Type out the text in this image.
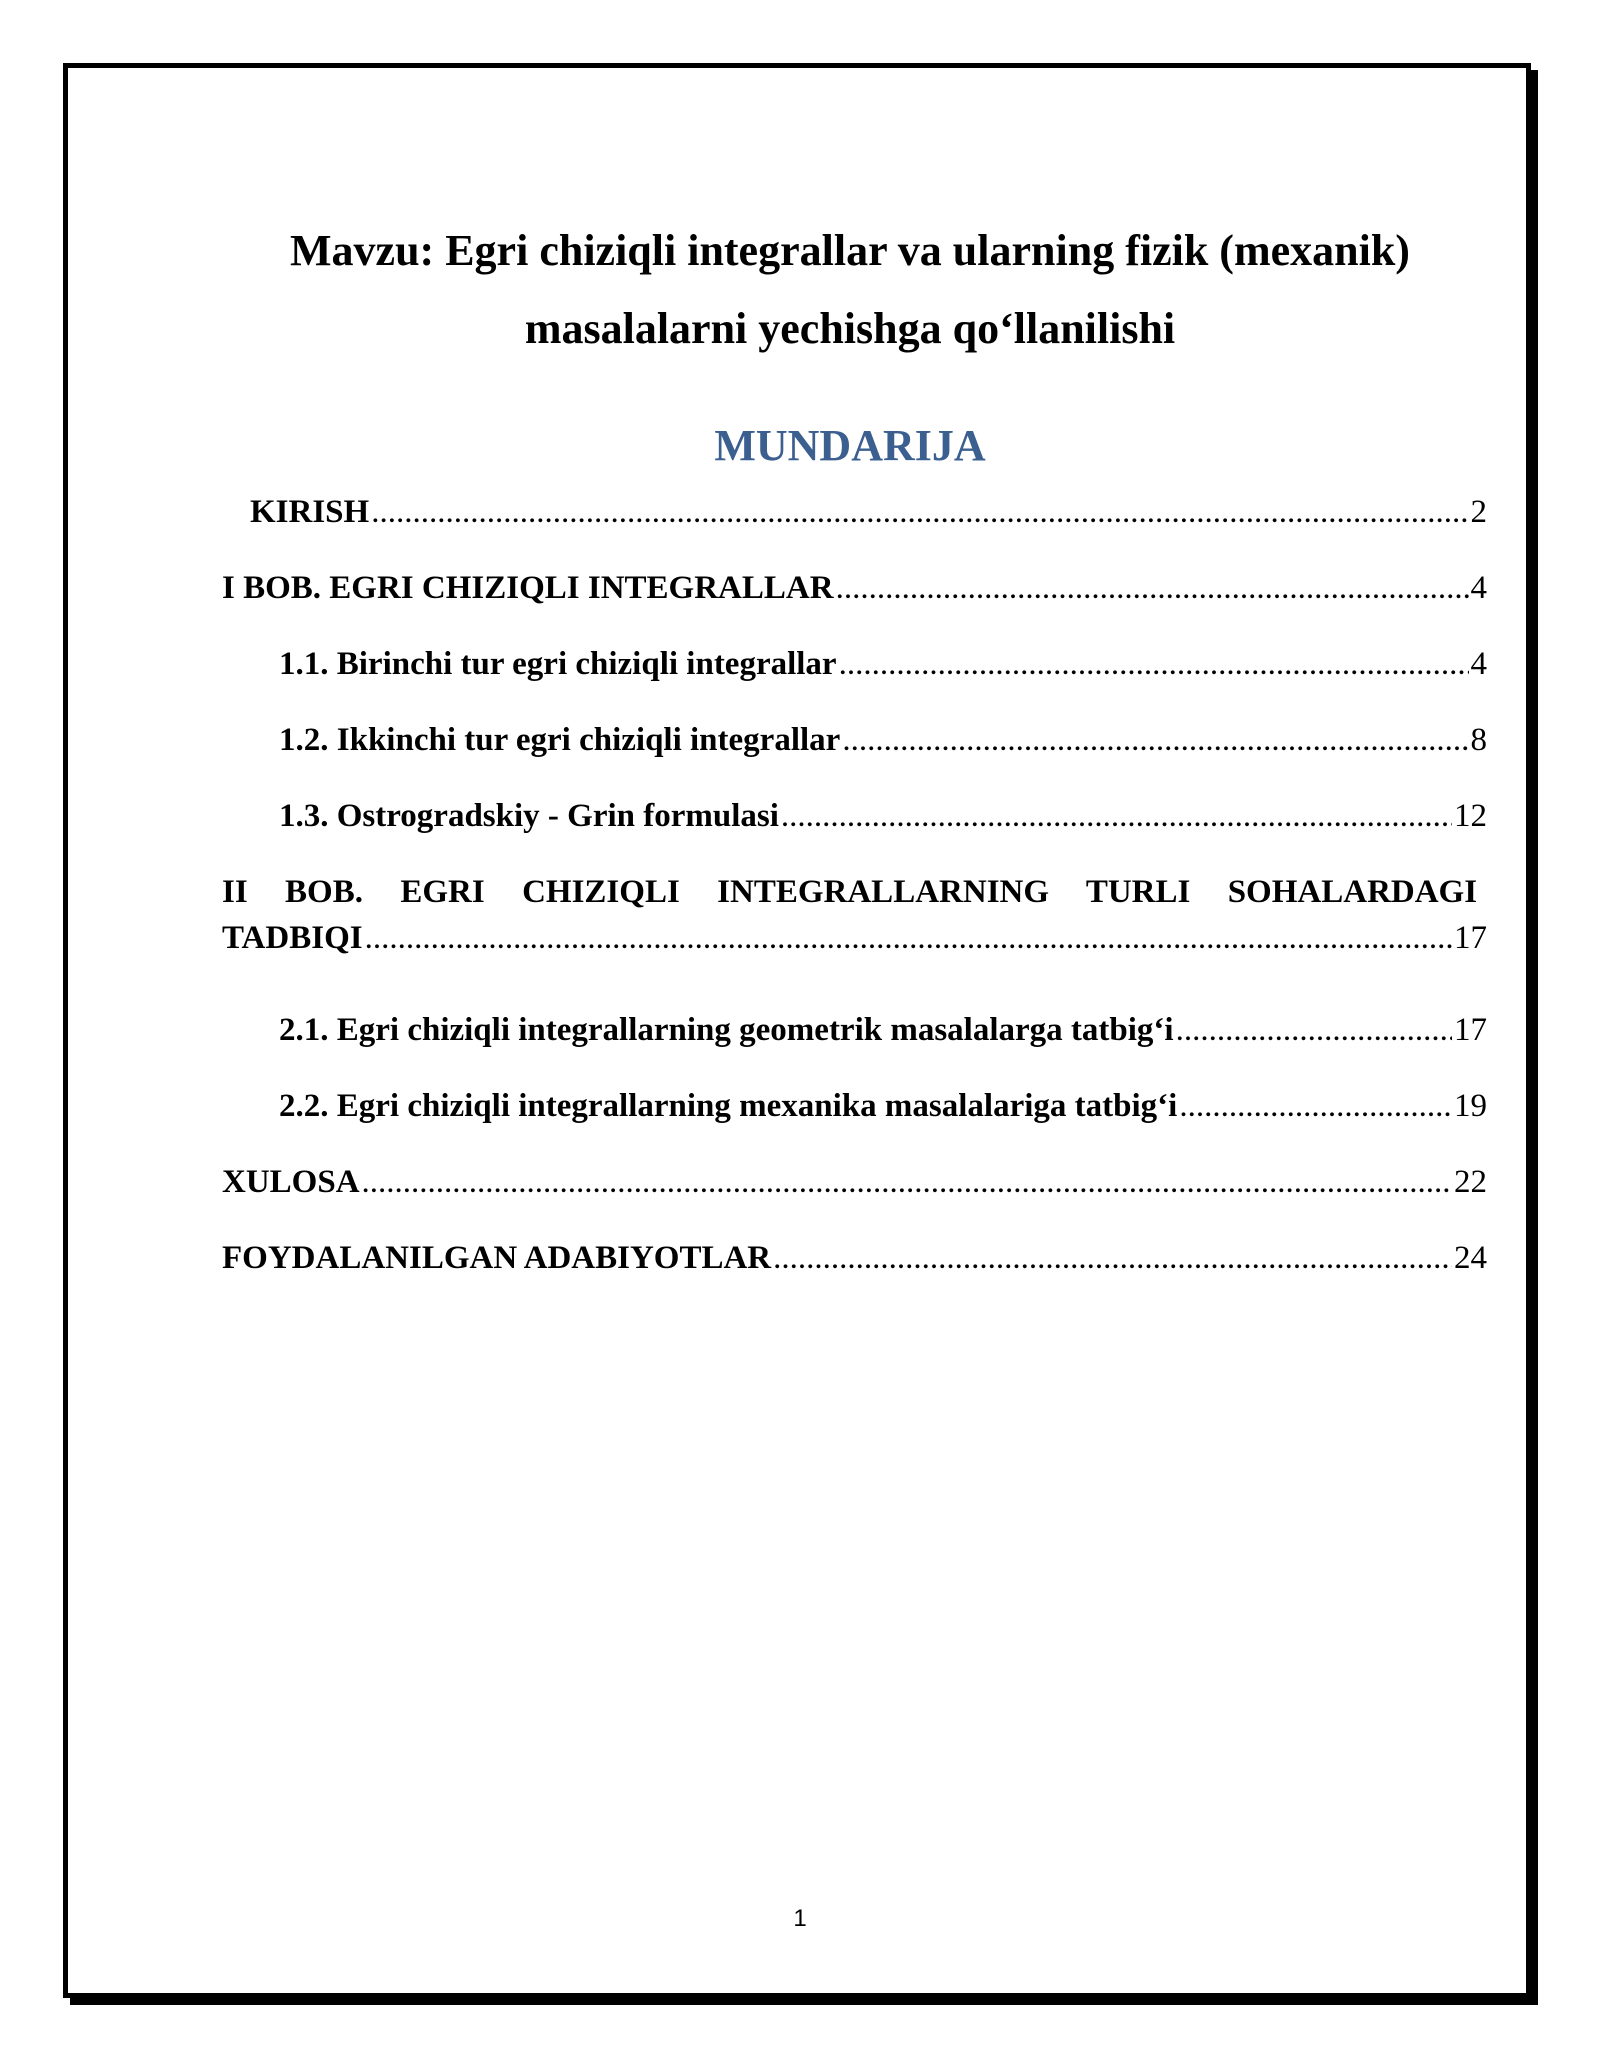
Mavzu: Egri chiziqli integrallar va ularning fizik (mexanik)
masalalarni yechishga qo‘llanilishi
MUNDARIJA
KIRISH .....	2
I BOB. EGRI CHIZIQLI INTEGRALLAR .....	4
1.1. Birinchi tur egri chiziqli integrallar .....	4
1.2. Ikkinchi tur egri chiziqli integrallar .....	8
1.3. Ostrogradskiy - Grin formulasi .....	12
II BOB. EGRI CHIZIQLI INTEGRALLARNING TURLI SOHALARDAGI
TADBIQI .....	17
2.1. Egri chiziqli integrallarning geometrik masalalarga tatbig‘i .....	17
2.2. Egri chiziqli integrallarning mexanika masalalariga tatbig‘i .....	19
XULOSA .....	22
FOYDALANILGAN ADABIYOTLAR .....	24
1
